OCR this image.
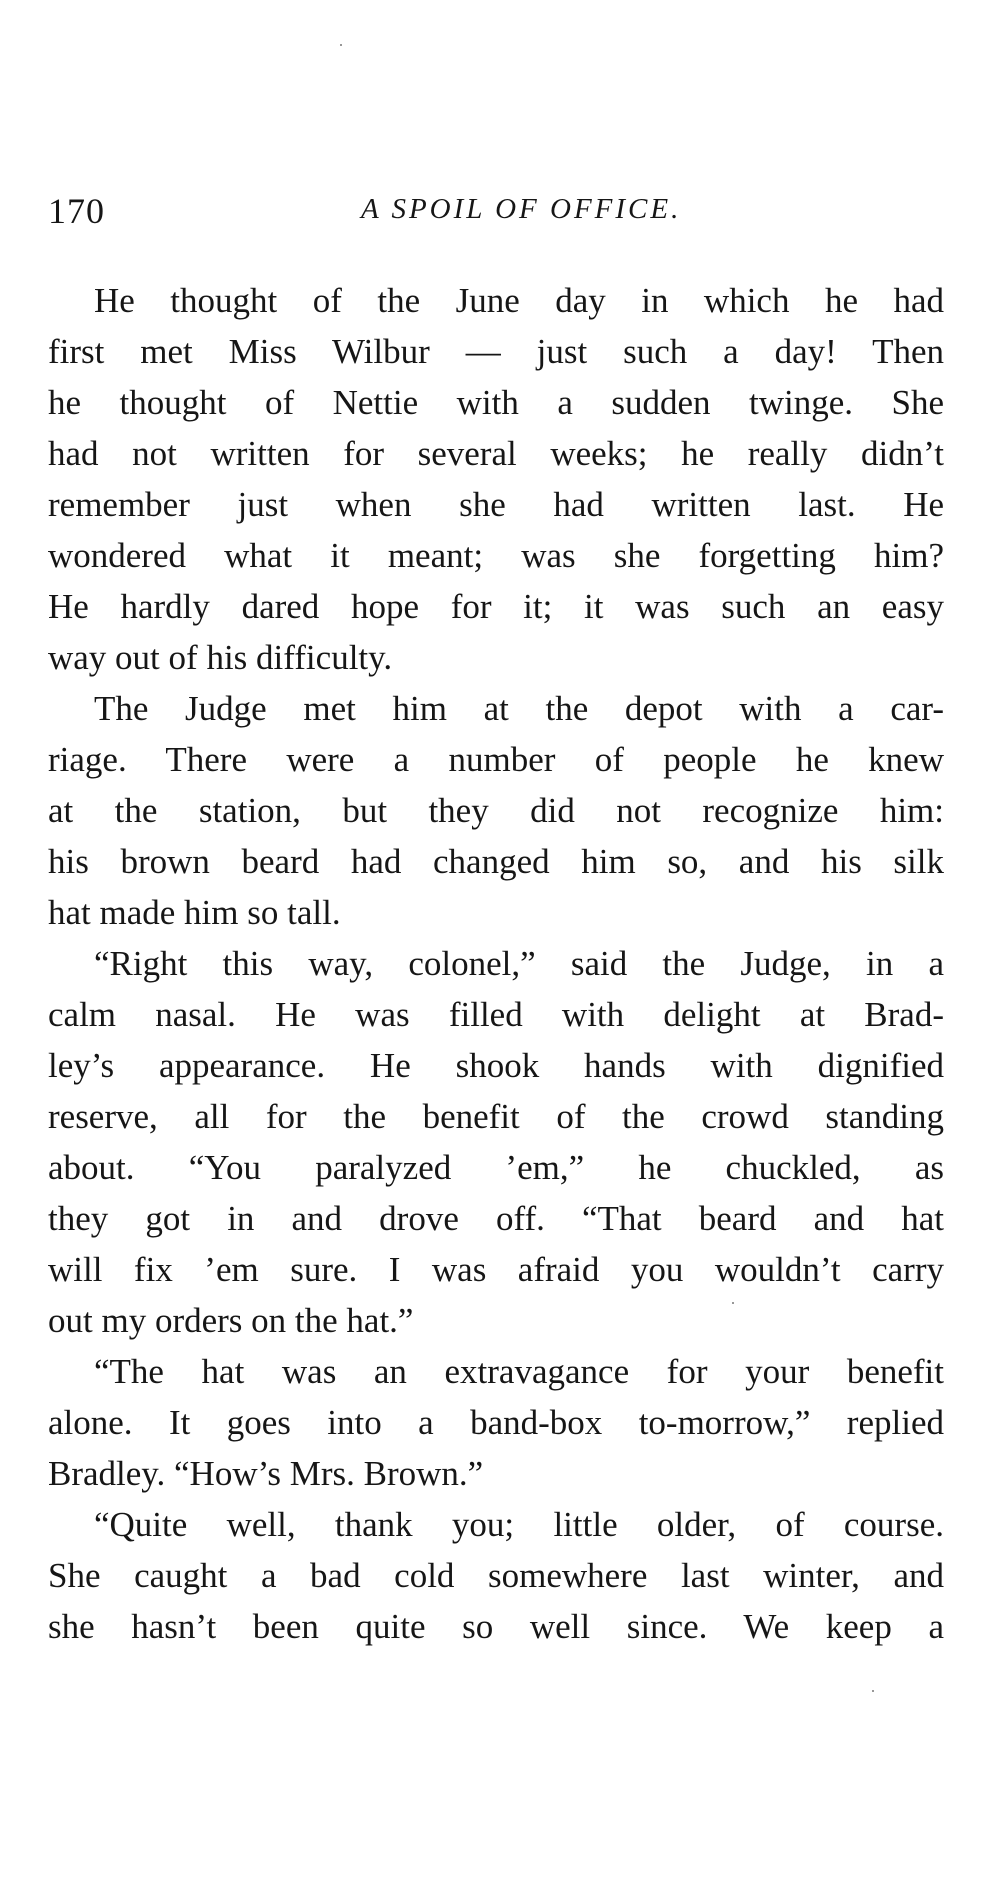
170	A SPOIL OF OFFICE.
He thought of the June day in which he had
first met Miss Wilbur — just such a day! Then
he thought of Nettie with a sudden twinge. She
had not written for several weeks; he really didn’t
remember just when she had written last. He
wondered what it meant; was she forgetting him?
He hardly dared hope for it; it was such an easy
way out of his difficulty.
The Judge met him at the depot with a car-
riage. There were a number of people he knew
at the station, but they did not recognize him:
his brown beard had changed him so, and his silk
hat made him so tall.
“Right this way, colonel,” said the Judge, in a
calm nasal. He was filled with delight at Brad-
ley’s appearance. He shook hands with dignified
reserve, all for the benefit of the crowd standing
about. “You paralyzed ’em,” he chuckled, as
they got in and drove off. “That beard and hat
will fix ’em sure. I was afraid you wouldn’t carry
out my orders on the hat.”
“The hat was an extravagance for your benefit
alone. It goes into a band-box to-morrow,” replied
Bradley. “How’s Mrs. Brown.”
“Quite well, thank you; little older, of course.
She caught a bad cold somewhere last winter, and
she hasn’t been quite so well since. We keep a
